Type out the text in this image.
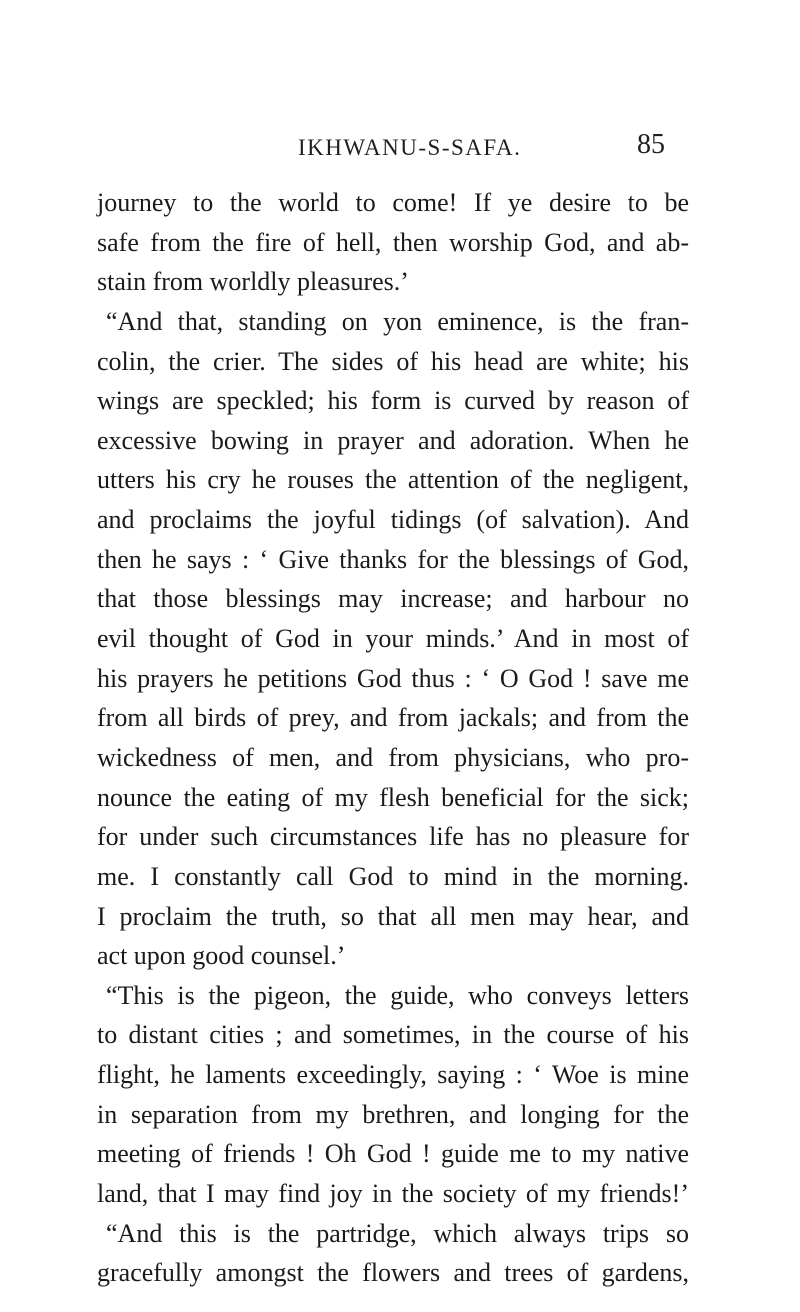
IKHWANU-S-SAFA.	85
journey to the world to come! If ye desire to be
safe from the fire of hell, then worship God, and ab-
stain from worldly pleasures.’
“And that, standing on yon eminence, is the fran-
colin, the crier. The sides of his head are white; his
wings are speckled; his form is curved by reason of
excessive bowing in prayer and adoration. When he
utters his cry he rouses the attention of the negligent,
and proclaims the joyful tidings (of salvation). And
then he says : ‘ Give thanks for the blessings of God,
that those blessings may increase; and harbour no
evil thought of God in your minds.’ And in most of
his prayers he petitions God thus : ‘ O God ! save me
from all birds of prey, and from jackals; and from the
wickedness of men, and from physicians, who pro-
nounce the eating of my flesh beneficial for the sick;
for under such circumstances life has no pleasure for
me. I constantly call God to mind in the morning.
I proclaim the truth, so that all men may hear, and
act upon good counsel.’
“This is the pigeon, the guide, who conveys letters
to distant cities ; and sometimes, in the course of his
flight, he laments exceedingly, saying : ‘ Woe is mine
in separation from my brethren, and longing for the
meeting of friends ! Oh God ! guide me to my native
land, that I may find joy in the society of my friends!’
“And this is the partridge, which always trips so
gracefully amongst the flowers and trees of gardens,
